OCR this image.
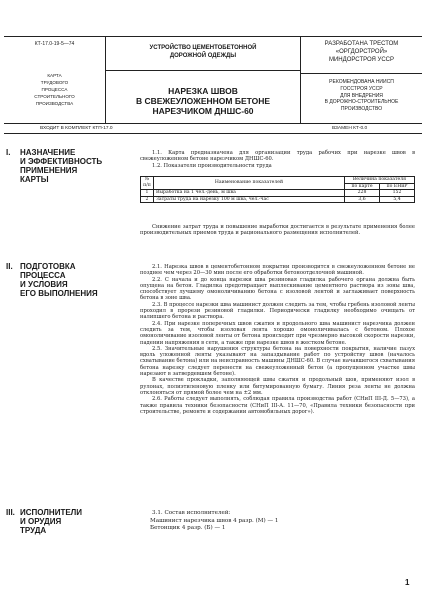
КТ-17.0-19-5—74
КАРТА
ТРУДОВОГО
ПРОЦЕССА
СТРОИТЕЛЬНОГО
ПРОИЗВОДСТВА
УСТРОЙСТВО ЦЕМЕНТОБЕТОННОЙ
ДОРОЖНОЙ ОДЕЖДЫ
НАРЕЗКА ШВОВ
В СВЕЖЕУЛОЖЕННОМ БЕТОНЕ
НАРЕЗЧИКОМ ДНШС-60
РАЗРАБОТАНА ТРЕСТОМ
«ОРГДОРСТРОЙ»
МИНДОРСТРОЯ УССР
РЕКОМЕНДОВАНА НИИСП
ГОССТРОЯ УССР
ДЛЯ ВНЕДРЕНИЯ
В ДОРОЖНО-СТРОИТЕЛЬНОЕ
ПРОИЗВОДСТВО
ВХОДИТ В КОМПЛЕКТ КТП-17.0	ВЗАМЕН КТ-0.0
I. НАЗНАЧЕНИЕ
И ЭФФЕКТИВНОСТЬ
ПРИМЕНЕНИЯ
КАРТЫ

1.1. Карта предназначена для организации труда рабочих при нарезке швов в свежеуложенном бетоне нарезчиком ДНШС-60.

1.2. Показатели производительности труда

№ п/п	Наименование показателей	Величина показателя	
		по карте	по ЕНиР
1	Выработка на 1 чел.-день, м шва	228	152
2	Затраты труда на нарезку 100 м шва, чел.-час	3,6	5,4

Снижение затрат труда и повышение выработки достигается в результате применения более производительных приемов труда и рационального размещения исполнителей.

II. ПОДГОТОВКА
ПРОЦЕССА
И УСЛОВИЯ
ЕГО ВЫПОЛНЕНИЯ

2.1. Нарезка швов в цементобетонном покрытии производится в свежеуложенном бетоне не позднее чем через 20—30 мин после его обработки бетоноотделочной машиной.

2.2. С начала и до конца нарезки шва резиновая гладилка рабочего органа должна быть опущена на бетон. Гладилка предотвращает выплескивание цементного раствора из зоны шва, способствует лучшему омоноличиванию бетона с изоловой лентой и заглаживает поверхность бетона в зоне шва.

2.3. В процессе нарезки шва машинист должен следить за тем, чтобы гребень изоловой ленты проходил в прорези резиновой гладилки. Периодически гладилку необходимо очищать от налипшего бетона и раствора.

2.4. При нарезке поперечных швов сжатия и продольного шва машинист нарезчика должен следить за тем, чтобы изоловая лента хорошо омоноличивалась с бетоном. Плохое омоноличивание изоловой ленты от бетона происходит при чрезмерно высокой скорости нарезки, падении напряжения в сети, а также при нарезке швов в жестком бетоне.

2.5. Значительные нарушения структуры бетона на поверхности покрытия, наличие пазух вдоль уложенной ленты указывают на запаздывание работ по устройству швов (началось схватывание бетона) или на неисправность машины ДНШС-60. В случае начавшегося схватывания бетона нарезку следует перенести на свежеуложенный бетон (а пропущенном участке швы нарезают в затвердевшем бетоне).

В качестве прокладки, заполняющей швы сжатия и продольный шов, применяют изол в рулонах, полиэтиленовую пленку или битумированную бумагу. Линия реза ленты не должна отклоняться от прямой более чем на ±2 мм.

2.6. Работы следует выполнять, соблюдая правила производства работ (СНиП III-Д. 5—73), а также правила техники безопасности (СНиП III-А. 11—70, «Правила техники безопасности при строительстве, ремонте и содержании автомобильных дорог»).

III. ИСПОЛНИТЕЛИ
И ОРУДИЯ
ТРУДА

3.1. Состав исполнителей:

Машинист нарезчика швов 4 разр. (М) — 1

Бетонщик 4 разр. (Б) — 1

1
